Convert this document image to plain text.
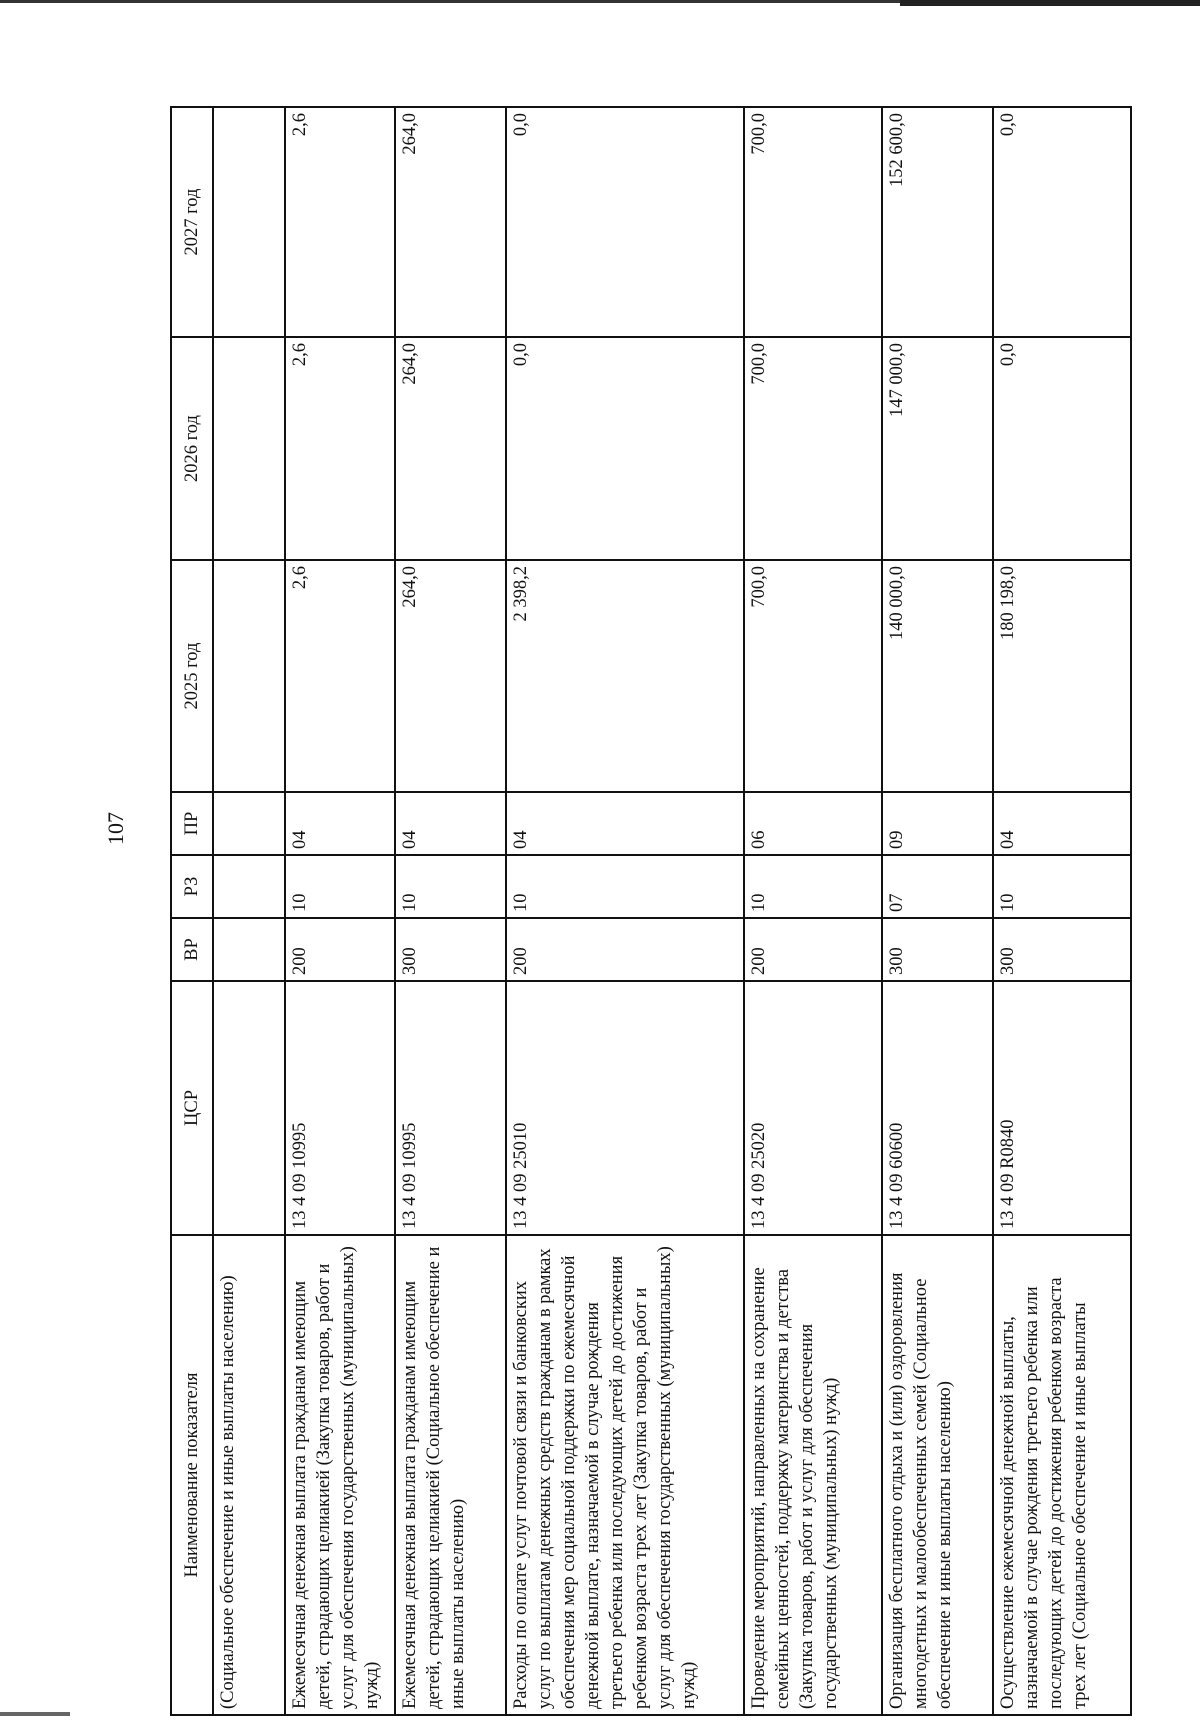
107
Наименование показателя	ЦСР	ВР	РЗ	ПР	2025 год	2026 год	2027 год
(Социальное обеспечение и иные выплаты населению)							
Ежемесячная денежная выплата гражданам имеющим детей, страдающих целиакией (Закупка товаров, работ и услуг для обеспечения государственных (муниципальных) нужд)	13 4 09 10995	200	10	04	2,6	2,6	2,6
Ежемесячная денежная выплата гражданам имеющим детей, страдающих целиакией (Социальное обеспечение и иные выплаты населению)	13 4 09 10995	300	10	04	264,0	264,0	264,0
Расходы по оплате услуг почтовой связи и банковских услуг по выплатам денежных средств гражданам в рамках обеспечения мер социальной поддержки по ежемесячной денежной выплате, назначаемой в случае рождения третьего ребенка или последующих детей до достижения ребенком возраста трех лет (Закупка товаров, работ и услуг для обеспечения государственных (муниципальных) нужд)	13 4 09 25010	200	10	04	2 398,2	0,0	0,0
Проведение мероприятий, направленных на сохранение семейных ценностей, поддержку материнства и детства (Закупка товаров, работ и услуг для обеспечения государственных (муниципальных) нужд)	13 4 09 25020	200	10	06	700,0	700,0	700,0
Организация бесплатного отдыха и (или) оздоровления многодетных и малообеспеченных семей (Социальное обеспечение и иные выплаты населению)	13 4 09 60600	300	07	09	140 000,0	147 000,0	152 600,0
Осуществление ежемесячной денежной выплаты, назначаемой в случае рождения третьего ребенка или последующих детей до достижения ребенком возраста трех лет (Социальное обеспечение и иные выплаты	13 4 09 R0840	300	10	04	180 198,0	0,0	0,0
